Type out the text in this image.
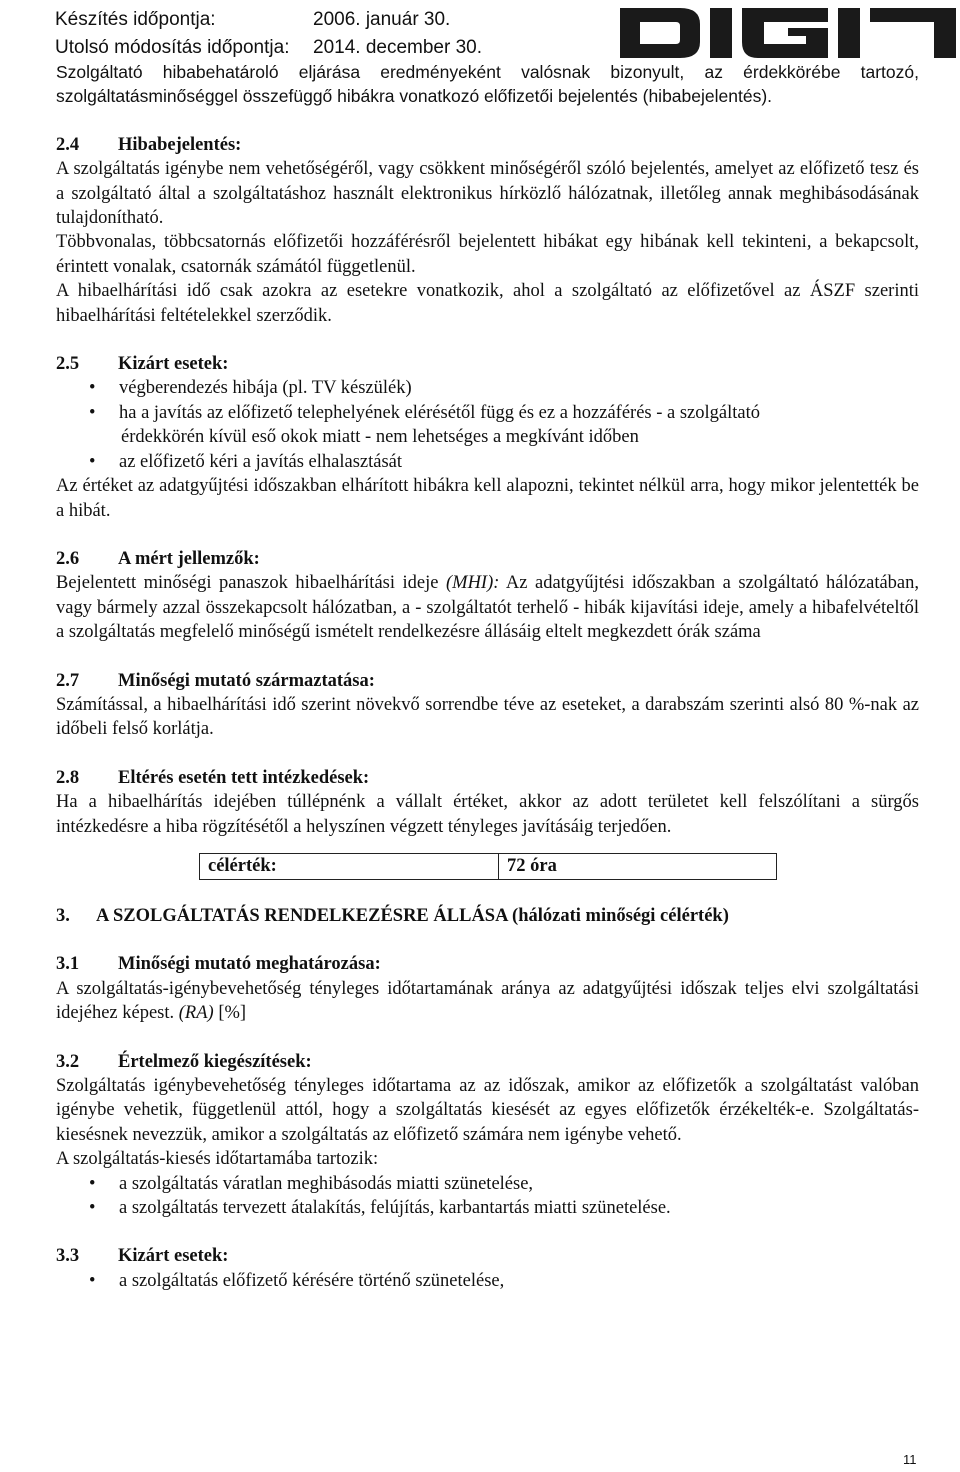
Készítés időpontja:	2006. január 30.
Utolsó módosítás időpontja:	2014. december 30.

Szolgáltató hibabehatároló eljárása eredményeként valósnak bizonyult, az érdekkörébe tartozó, szolgáltatásminőséggel összefüggő hibákra vonatkozó előfizetői bejelentés (hibabejelentés).

2.4	Hibabejelentés:

A szolgáltatás igénybe nem vehetőségéről, vagy csökkent minőségéről szóló bejelentés, amelyet az előfizető tesz és a szolgáltató által a szolgáltatáshoz használt elektronikus hírközlő hálózatnak, illetőleg annak meghibásodásának tulajdonítható.

Többvonalas, többcsatornás előfizetői hozzáférésről bejelentett hibákat egy hibának kell tekinteni, a bekapcsolt, érintett vonalak, csatornák számától függetlenül.

A hibaelhárítási idő csak azokra az esetekre vonatkozik, ahol a szolgáltató az előfizetővel az ÁSZF szerinti hibaelhárítási feltételekkel szerződik.

2.5	Kizárt esetek:
• végberendezés hibája (pl. TV készülék)
• ha a javítás az előfizető telephelyének elérésétől függ és ez a hozzáférés - a szolgáltató
érdekkörén kívül eső okok miatt - nem lehetséges a megkívánt időben
• az előfizető kéri a javítás elhalasztását

Az értéket az adatgyűjtési időszakban elhárított hibákra kell alapozni, tekintet nélkül arra, hogy mikor jelentették be a hibát.

2.6	A mért jellemzők:

Bejelentett minőségi panaszok hibaelhárítási ideje (MHI): Az adatgyűjtési időszakban a szolgáltató hálózatában, vagy bármely azzal összekapcsolt hálózatban, a - szolgáltatót terhelő - hibák kijavítási ideje, amely a hibafelvételtől a szolgáltatás megfelelő minőségű ismételt rendelkezésre állásáig eltelt megkezdett órák száma

2.7	Minőségi mutató származtatása:

Számítással, a hibaelhárítási idő szerint növekvő sorrendbe téve az eseteket, a darabszám szerinti alsó 80 %-nak az időbeli felső korlátja.

2.8	Eltérés esetén tett intézkedések:

Ha a hibaelhárítás idejében túllépnénk a vállalt értéket, akkor az adott területet kell felszólítani a sürgős intézkedésre a hiba rögzítésétől a helyszínen végzett tényleges javításáig terjedően.

célérték:	72 óra
3.	A SZOLGÁLTATÁS RENDELKEZÉSRE ÁLLÁSA (hálózati minőségi célérték)
3.1	Minőségi mutató meghatározása:

A szolgáltatás-igénybevehetőség tényleges időtartamának aránya az adatgyűjtési időszak teljes elvi szolgáltatási idejéhez képest. (RA) [%]

3.2	Értelmező kiegészítések:

Szolgáltatás igénybevehetőség tényleges időtartama az az időszak, amikor az előfizetők a szolgáltatást valóban igénybe vehetik, függetlenül attól, hogy a szolgáltatás kiesését az egyes előfizetők érzékelték-e. Szolgáltatás-kiesésnek nevezzük, amikor a szolgáltatás az előfizető számára nem igénybe vehető.

A szolgáltatás-kiesés időtartamába tartozik:

• a szolgáltatás váratlan meghibásodás miatti szünetelése,
• a szolgáltatás tervezett átalakítás, felújítás, karbantartás miatti szünetelése.
3.3	Kizárt esetek:
• a szolgáltatás előfizető kérésére történő szünetelése,
11
